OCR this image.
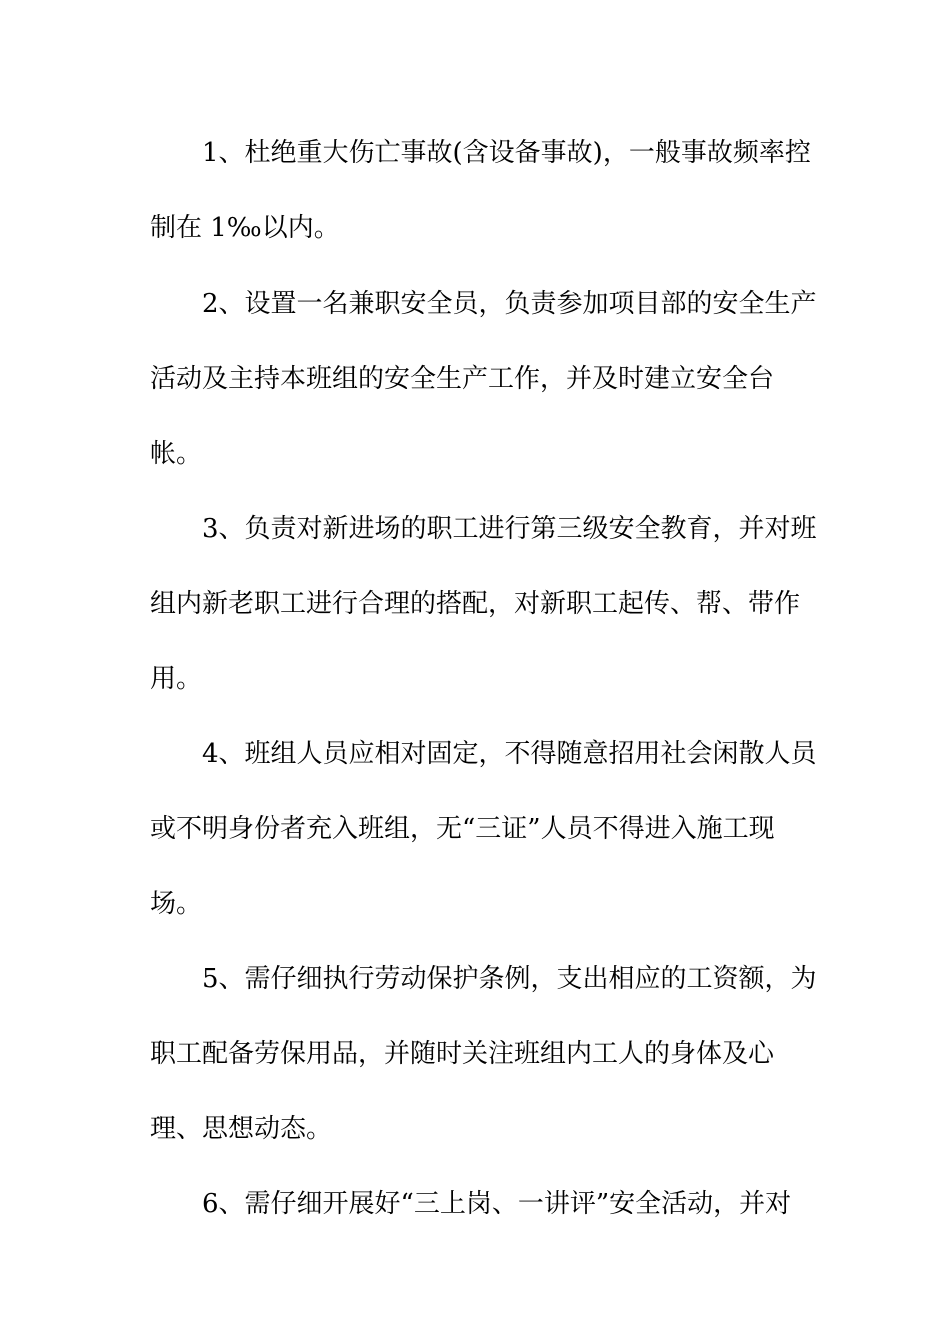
1、杜绝重大伤亡事故(含设备事故)，一般事故频率控
制在 1‰以内。
2、设置一名兼职安全员，负责参加项目部的安全生产
活动及主持本班组的安全生产工作，并及时建立安全台
帐。
3、负责对新进场的职工进行第三级安全教育，并对班
组内新老职工进行合理的搭配，对新职工起传、帮、带作
用。
4、班组人员应相对固定，不得随意招用社会闲散人员
或不明身份者充入班组，无“三证”人员不得进入施工现
场。
5、需仔细执行劳动保护条例，支出相应的工资额，为
职工配备劳保用品，并随时关注班组内工人的身体及心
理、思想动态。
6、需仔细开展好“三上岗、一讲评”安全活动，并对
